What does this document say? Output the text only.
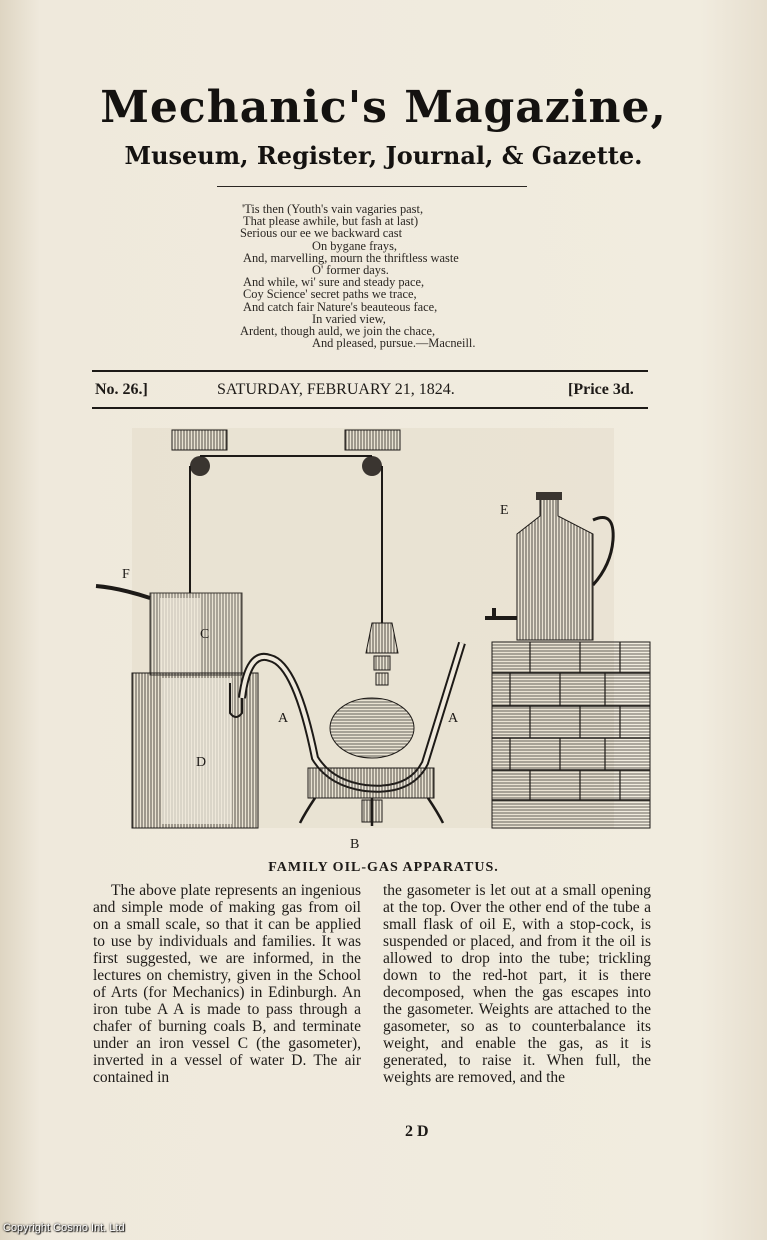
Mechanic's Magazine,
Museum, Register, Journal, & Gazette.
'Tis then (Youth's vain vagaries past,
That please awhile, but fash at last)
Serious our ee we backward cast
On bygane frays,
And, marvelling, mourn the thriftless waste
O' former days.
And while, wi' sure and steady pace,
Coy Science' secret paths we trace,
And catch fair Nature's beauteous face,
In varied view,
Ardent, though auld, we join the chace,
And pleased, pursue.—Macneill.
No. 26.]	SATURDAY, FEBRUARY 21, 1824.	[Price 3d.
F
C
D
A	A
B
E
FAMILY OIL-GAS APPARATUS.

The above plate represents an ingenious and simple mode of making gas from oil on a small scale, so that it can be applied to use by individuals and families. It was first suggested, we are informed, in the lectures on chemistry, given in the School of Arts (for Mechanics) in Edinburgh. An iron tube A A is made to pass through a chafer of burning coals B, and terminate under an iron vessel C (the gasometer), inverted in a vessel of water D. The air contained in

the gasometer is let out at a small opening at the top. Over the other end of the tube a small flask of oil E, with a stop-cock, is suspended or placed, and from it the oil is allowed to drop into the tube; trickling down to the red-hot part, it is there decomposed, when the gas escapes into the gasometer. Weights are attached to the gasometer, so as to counterbalance its weight, and enable the gas, as it is generated, to raise it. When full, the weights are removed, and the

2 D
Copyright Cosmo Int. Ltd
